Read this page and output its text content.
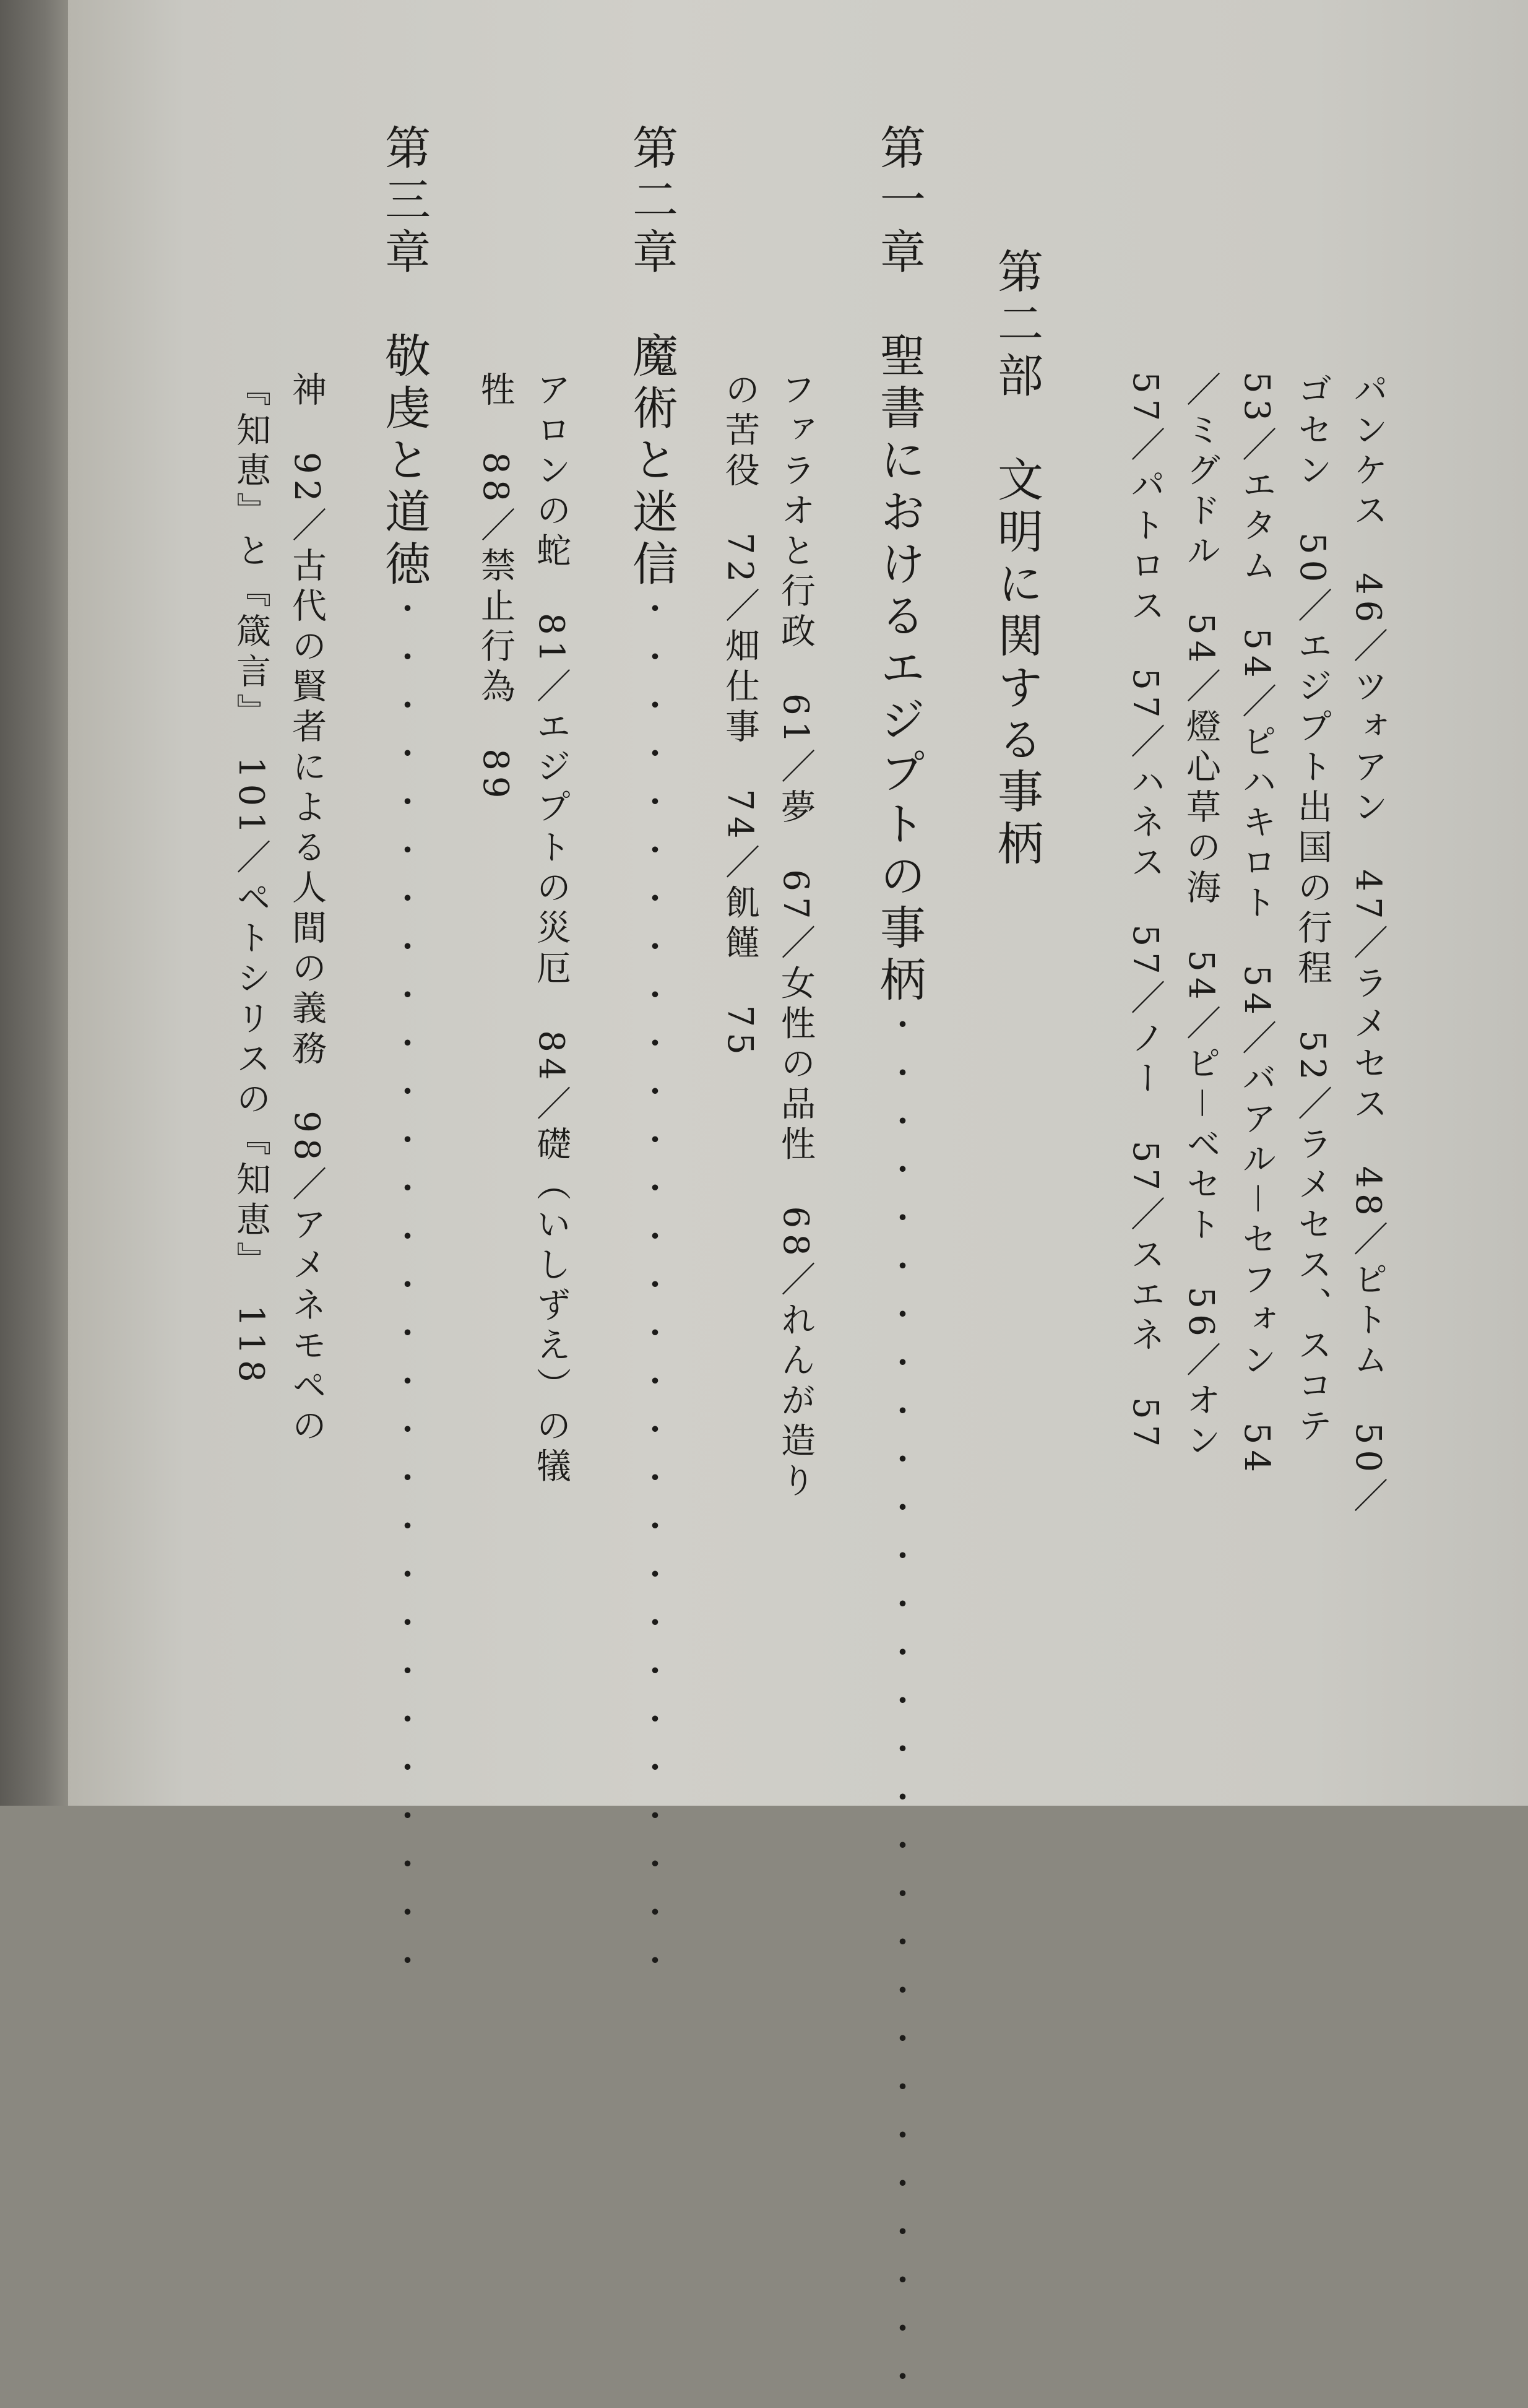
第二部　文明に関する事柄	パンケス　46／ツォアン　47／ラメセス　48／ピトム　50／
ゴセン　50／エジプト出国の行程　52／ラメセス、スコテ
53／エタム　54／ピハキロト　54／バアル－セフォン　54
／ミグドル　54／燈心草の海　54／ピ－ベセト　56／オン
57／パトロス　57／ハネス　57／ノー　57／スエネ　57
第一章　聖書におけるエジプトの事柄・・・・・・・・・・・・・・・・・・・・・・・・・・・・・
ファラオと行政　61／夢　67／女性の品性　68／れんが造り
の苦役　72／畑仕事　74／飢饉　75
第二章　魔術と迷信・・・・・・・・・・・・・・・・・・・・・・・・・・・・・
アロンの蛇　81／エジプトの災厄　84／礎（いしずえ）の犠
牲　88／禁止行為　89
第三章　敬虔と道徳・・・・・・・・・・・・・・・・・・・・・・・・・・・・・
神　92／古代の賢者による人間の義務　98／アメネモペの
『知恵』と『箴言』　101／ペトシリスの『知恵』　118
